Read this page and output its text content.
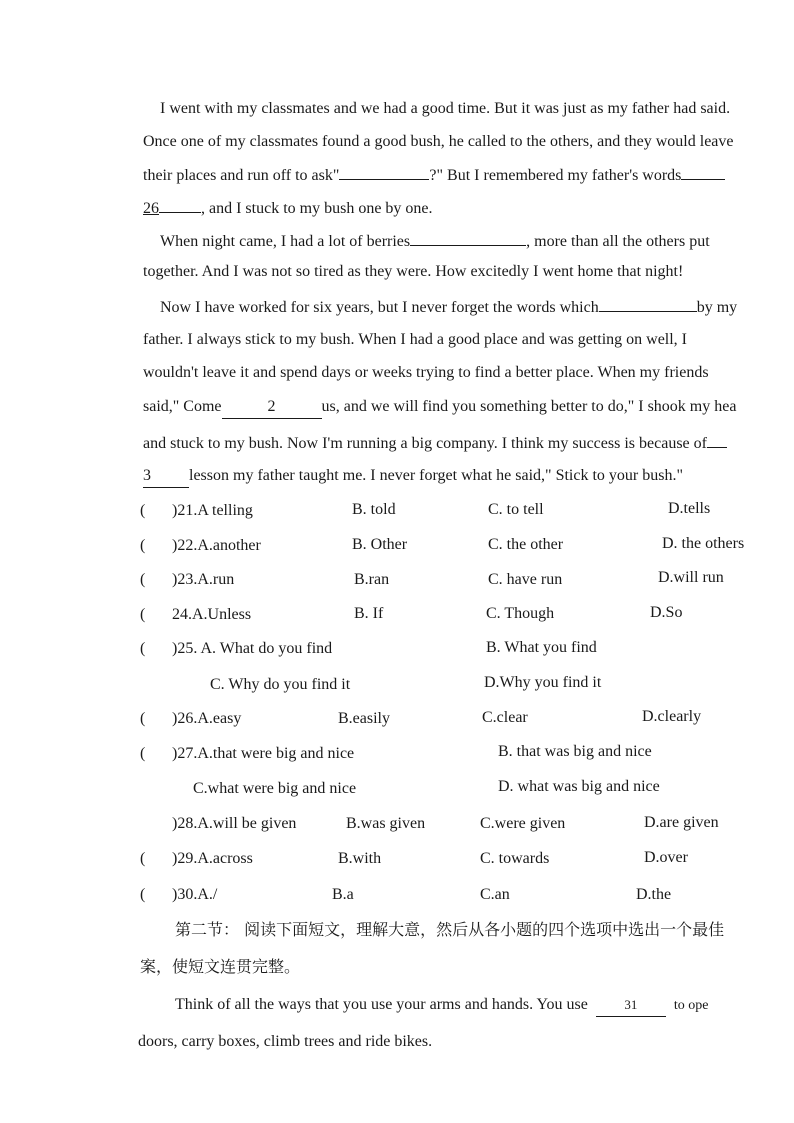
I went with my classmates and we had a good time. But it was just as my father had said.
Once one of my classmates found a good bush, he called to the others, and they would leave
their places and run off to ask"	?" But I remembered my father's words
26	, and I stuck to my bush one by one.
When night came, I had a lot of berries	, more than all the others put
together. And I was not so tired as they were. How excitedly I went home that night!
Now I have worked for six years, but I never forget the words which	by my
father. I always stick to my bush. When I had a good place and was getting on well, I
wouldn't leave it and spend days or weeks trying to find a better place. When my friends
said," Come	2	us, and we will find you something better to do," I shook my hea
and stuck to my bush. Now I'm running a big company. I think my success is because of
3 lesson my father taught me. I never forget what he said," Stick to your bush."
( )21.A telling	B. told	C. to tell	D.tells
( )22.A.another	B. Other	C. the other	D. the others
( )23.A.run	B.ran	C. have run	D.will run
( 24.A.Unless	B. If	C. Though	D.So
( )25. A. What do you find	B. What you find
C. Why do you find it	D.Why you find it
( )26.A.easy	B.easily	C.clear	D.clearly
( )27.A.that were big and nice	B. that was big and nice
C.what were big and nice	D. what was big and nice
)28.A.will be given	B.was given	C.were given	D.are given
( )29.A.across	B.with	C. towards	D.over
( )30.A./	B.a	C.an	D.the
第二节： 阅读下面短文，理解大意，然后从各小题的四个选项中选出一个最佳
案，使短文连贯完整。
Think of all the ways that you use your arms and hands. You use	31	to ope
doors, carry boxes, climb trees and ride bikes.
